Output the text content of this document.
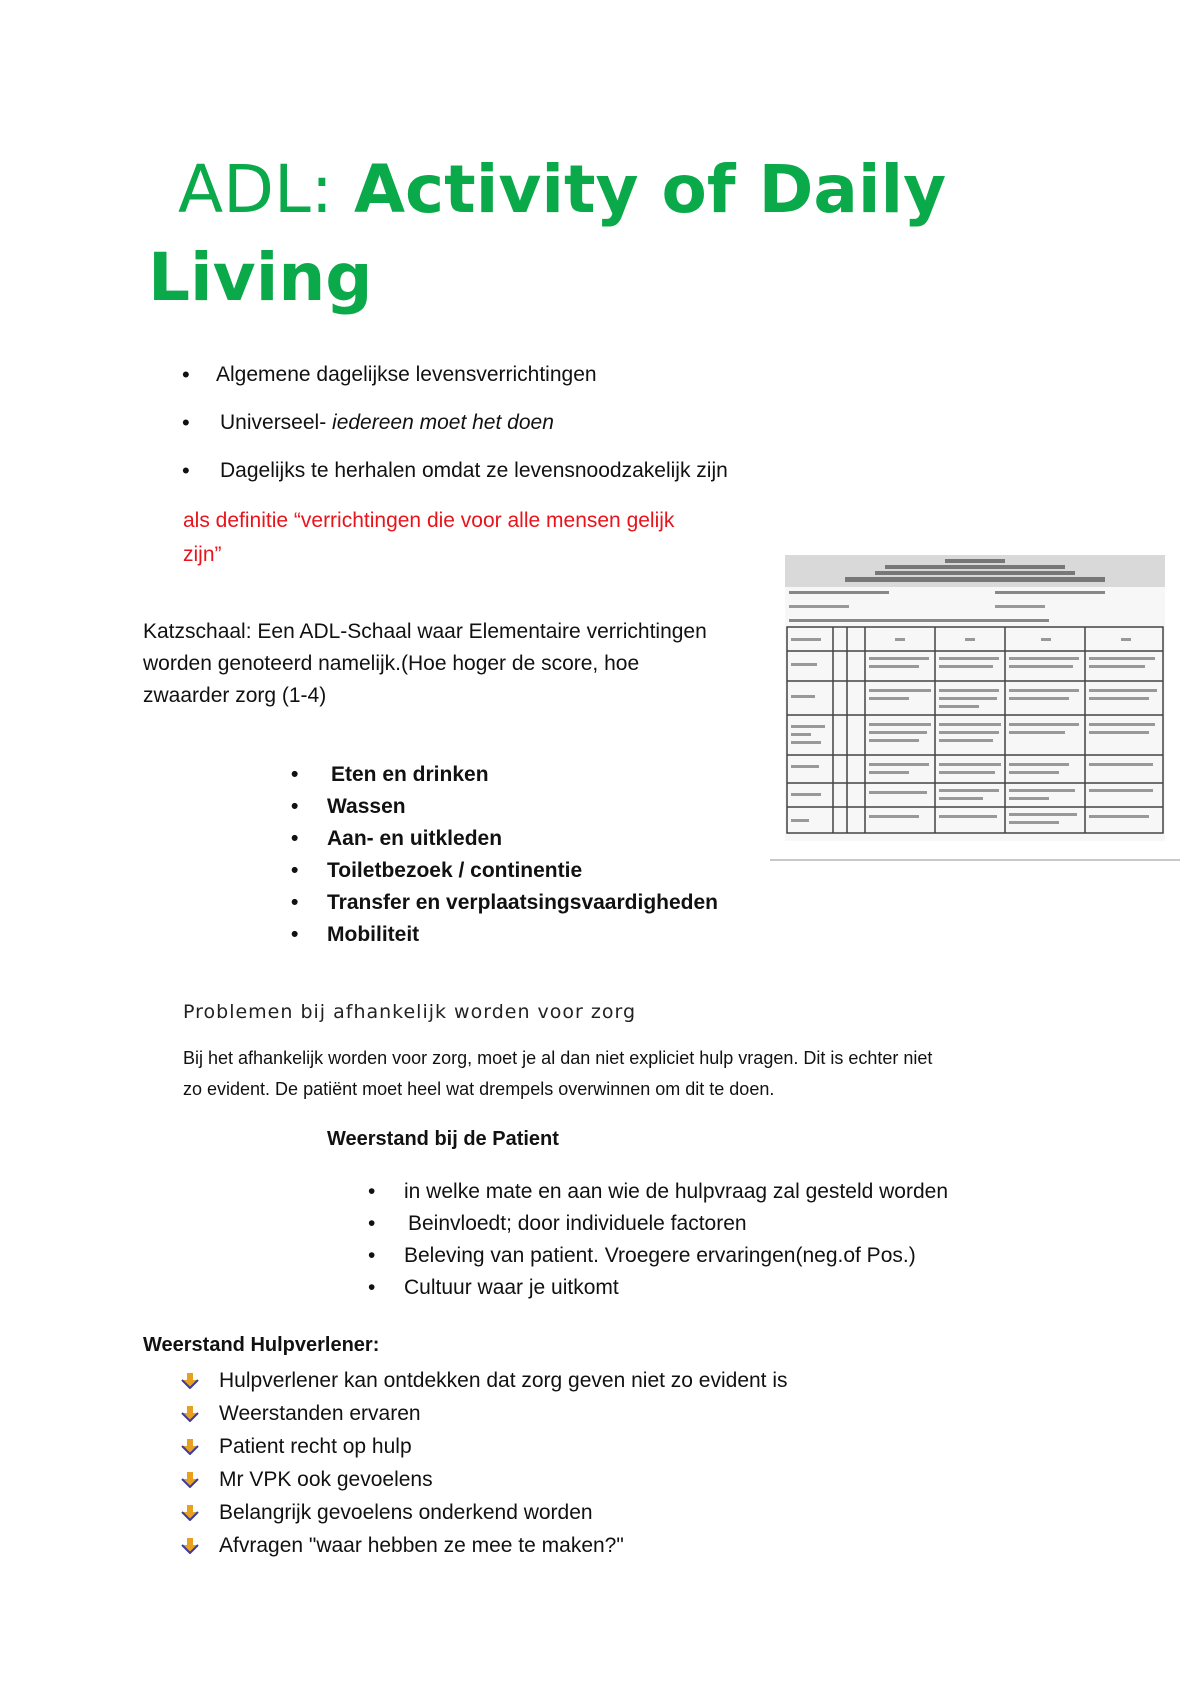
ADL: Activity of Daily
Living
• Algemene dagelijkse levensverrichtingen
• Universeel- iedereen moet het doen
• Dagelijks te herhalen omdat ze levensnoodzakelijk zijn
als definitie “verrichtingen die voor alle mensen gelijk
zijn”
Katzschaal: Een ADL-Schaal waar Elementaire verrichtingen
worden genoteerd namelijk.(Hoe hoger de score, hoe
zwaarder zorg (1-4)
• Eten en drinken
• Wassen
• Aan- en uitkleden
• Toiletbezoek / continentie
• Transfer en verplaatsingsvaardigheden
• Mobiliteit
Problemen bij afhankelijk worden voor zorg
Bij het afhankelijk worden voor zorg, moet je al dan niet expliciet hulp vragen. Dit is echter niet
zo evident. De patiënt moet heel wat drempels overwinnen om dit te doen.
Weerstand bij de Patient
• in welke mate en aan wie de hulpvraag zal gesteld worden
• Beinvloedt; door individuele factoren
• Beleving van patient. Vroegere ervaringen(neg.of Pos.)
• Cultuur waar je uitkomt
Weerstand Hulpverlener:
Hulpverlener kan ontdekken dat zorg geven niet zo evident is
Weerstanden ervaren
Patient recht op hulp
Mr VPK ook gevoelens
Belangrijk gevoelens onderkend worden
Afvragen "waar hebben ze mee te maken?"
